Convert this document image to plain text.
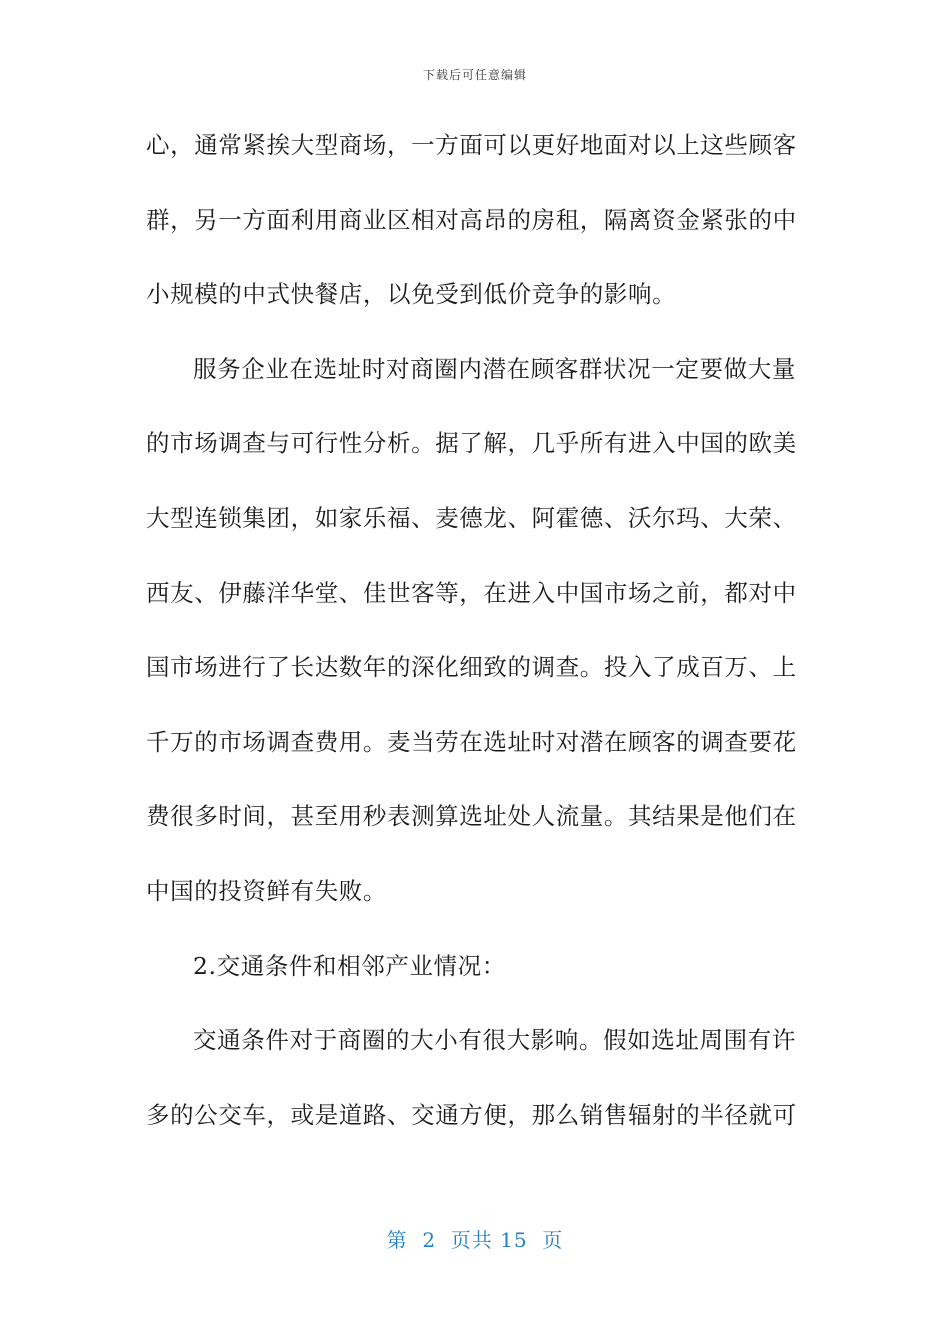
下载后可任意编辑
心，通常紧挨大型商场，一方面可以更好地面对以上这些顾客
群，另一方面利用商业区相对高昂的房租，隔离资金紧张的中
小规模的中式快餐店，以免受到低价竞争的影响。
服务企业在选址时对商圈内潜在顾客群状况一定要做大量
的市场调查与可行性分析。据了解，几乎所有进入中国的欧美
大型连锁集团，如家乐福、麦德龙、阿霍德、沃尔玛、大荣、
西友、伊藤洋华堂、佳世客等，在进入中国市场之前，都对中
国市场进行了长达数年的深化细致的调查。投入了成百万、上
千万的市场调查费用。麦当劳在选址时对潜在顾客的调查要花
费很多时间，甚至用秒表测算选址处人流量。其结果是他们在
中国的投资鲜有失败。
2.交通条件和相邻产业情况：
交通条件对于商圈的大小有很大影响。假如选址周围有许
多的公交车，或是道路、交通方便，那么销售辐射的半径就可
第  2  页共 15  页
